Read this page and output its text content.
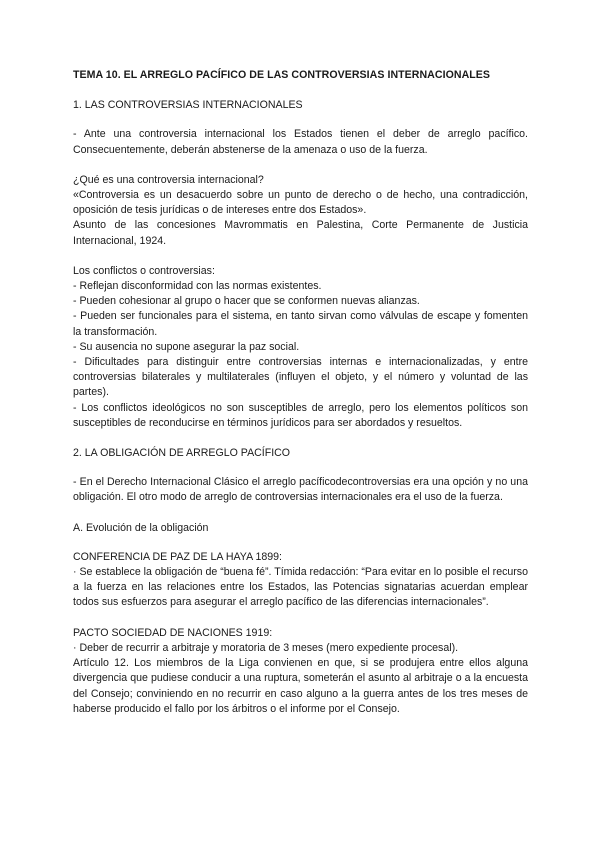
TEMA 10. EL ARREGLO PACÍFICO DE LAS CONTROVERSIAS INTERNACIONALES

1. LAS CONTROVERSIAS INTERNACIONALES

- Ante una controversia internacional los Estados tienen el deber de arreglo pacífico. Consecuentemente, deberán abstenerse de la amenaza o uso de la fuerza.

¿Qué es una controversia internacional?

«Controversia es un desacuerdo sobre un punto de derecho o de hecho, una contradicción, oposición de tesis jurídicas o de intereses entre dos Estados».

Asunto de las concesiones Mavrommatis en Palestina, Corte Permanente de Justicia Internacional, 1924.

Los conflictos o controversias:

- Reflejan disconformidad con las normas existentes.

- Pueden cohesionar al grupo o hacer que se conformen nuevas alianzas.

- Pueden ser funcionales para el sistema, en tanto sirvan como válvulas de escape y fomenten la transformación.

- Su ausencia no supone asegurar la paz social.

- Dificultades para distinguir entre controversias internas e internacionalizadas, y entre controversias bilaterales y multilaterales (influyen el objeto, y el número y voluntad de las partes).

- Los conflictos ideológicos no son susceptibles de arreglo, pero los elementos políticos son susceptibles de reconducirse en términos jurídicos para ser abordados y resueltos.

2. LA OBLIGACIÓN DE ARREGLO PACÍFICO

- En el Derecho Internacional Clásico el arreglo pacíficodecontroversias era una opción y no una obligación. El otro modo de arreglo de controversias internacionales era el uso de la fuerza.

A. Evolución de la obligación

CONFERENCIA DE PAZ DE LA HAYA 1899:

· Se establece la obligación de “buena fé”. Tímida redacción: “Para evitar en lo posible el recurso a la fuerza en las relaciones entre los Estados, las Potencias signatarias acuerdan emplear todos sus esfuerzos para asegurar el arreglo pacífico de las diferencias internacionales”.

PACTO SOCIEDAD DE NACIONES 1919:

· Deber de recurrir a arbitraje y moratoria de 3 meses (mero expediente procesal).

Artículo 12. Los miembros de la Liga convienen en que, si se produjera entre ellos alguna divergencia que pudiese conducir a una ruptura, someterán el asunto al arbitraje o a la encuesta del Consejo; conviniendo en no recurrir en caso alguno a la guerra antes de los tres meses de haberse producido el fallo por los árbitros o el informe por el Consejo.
